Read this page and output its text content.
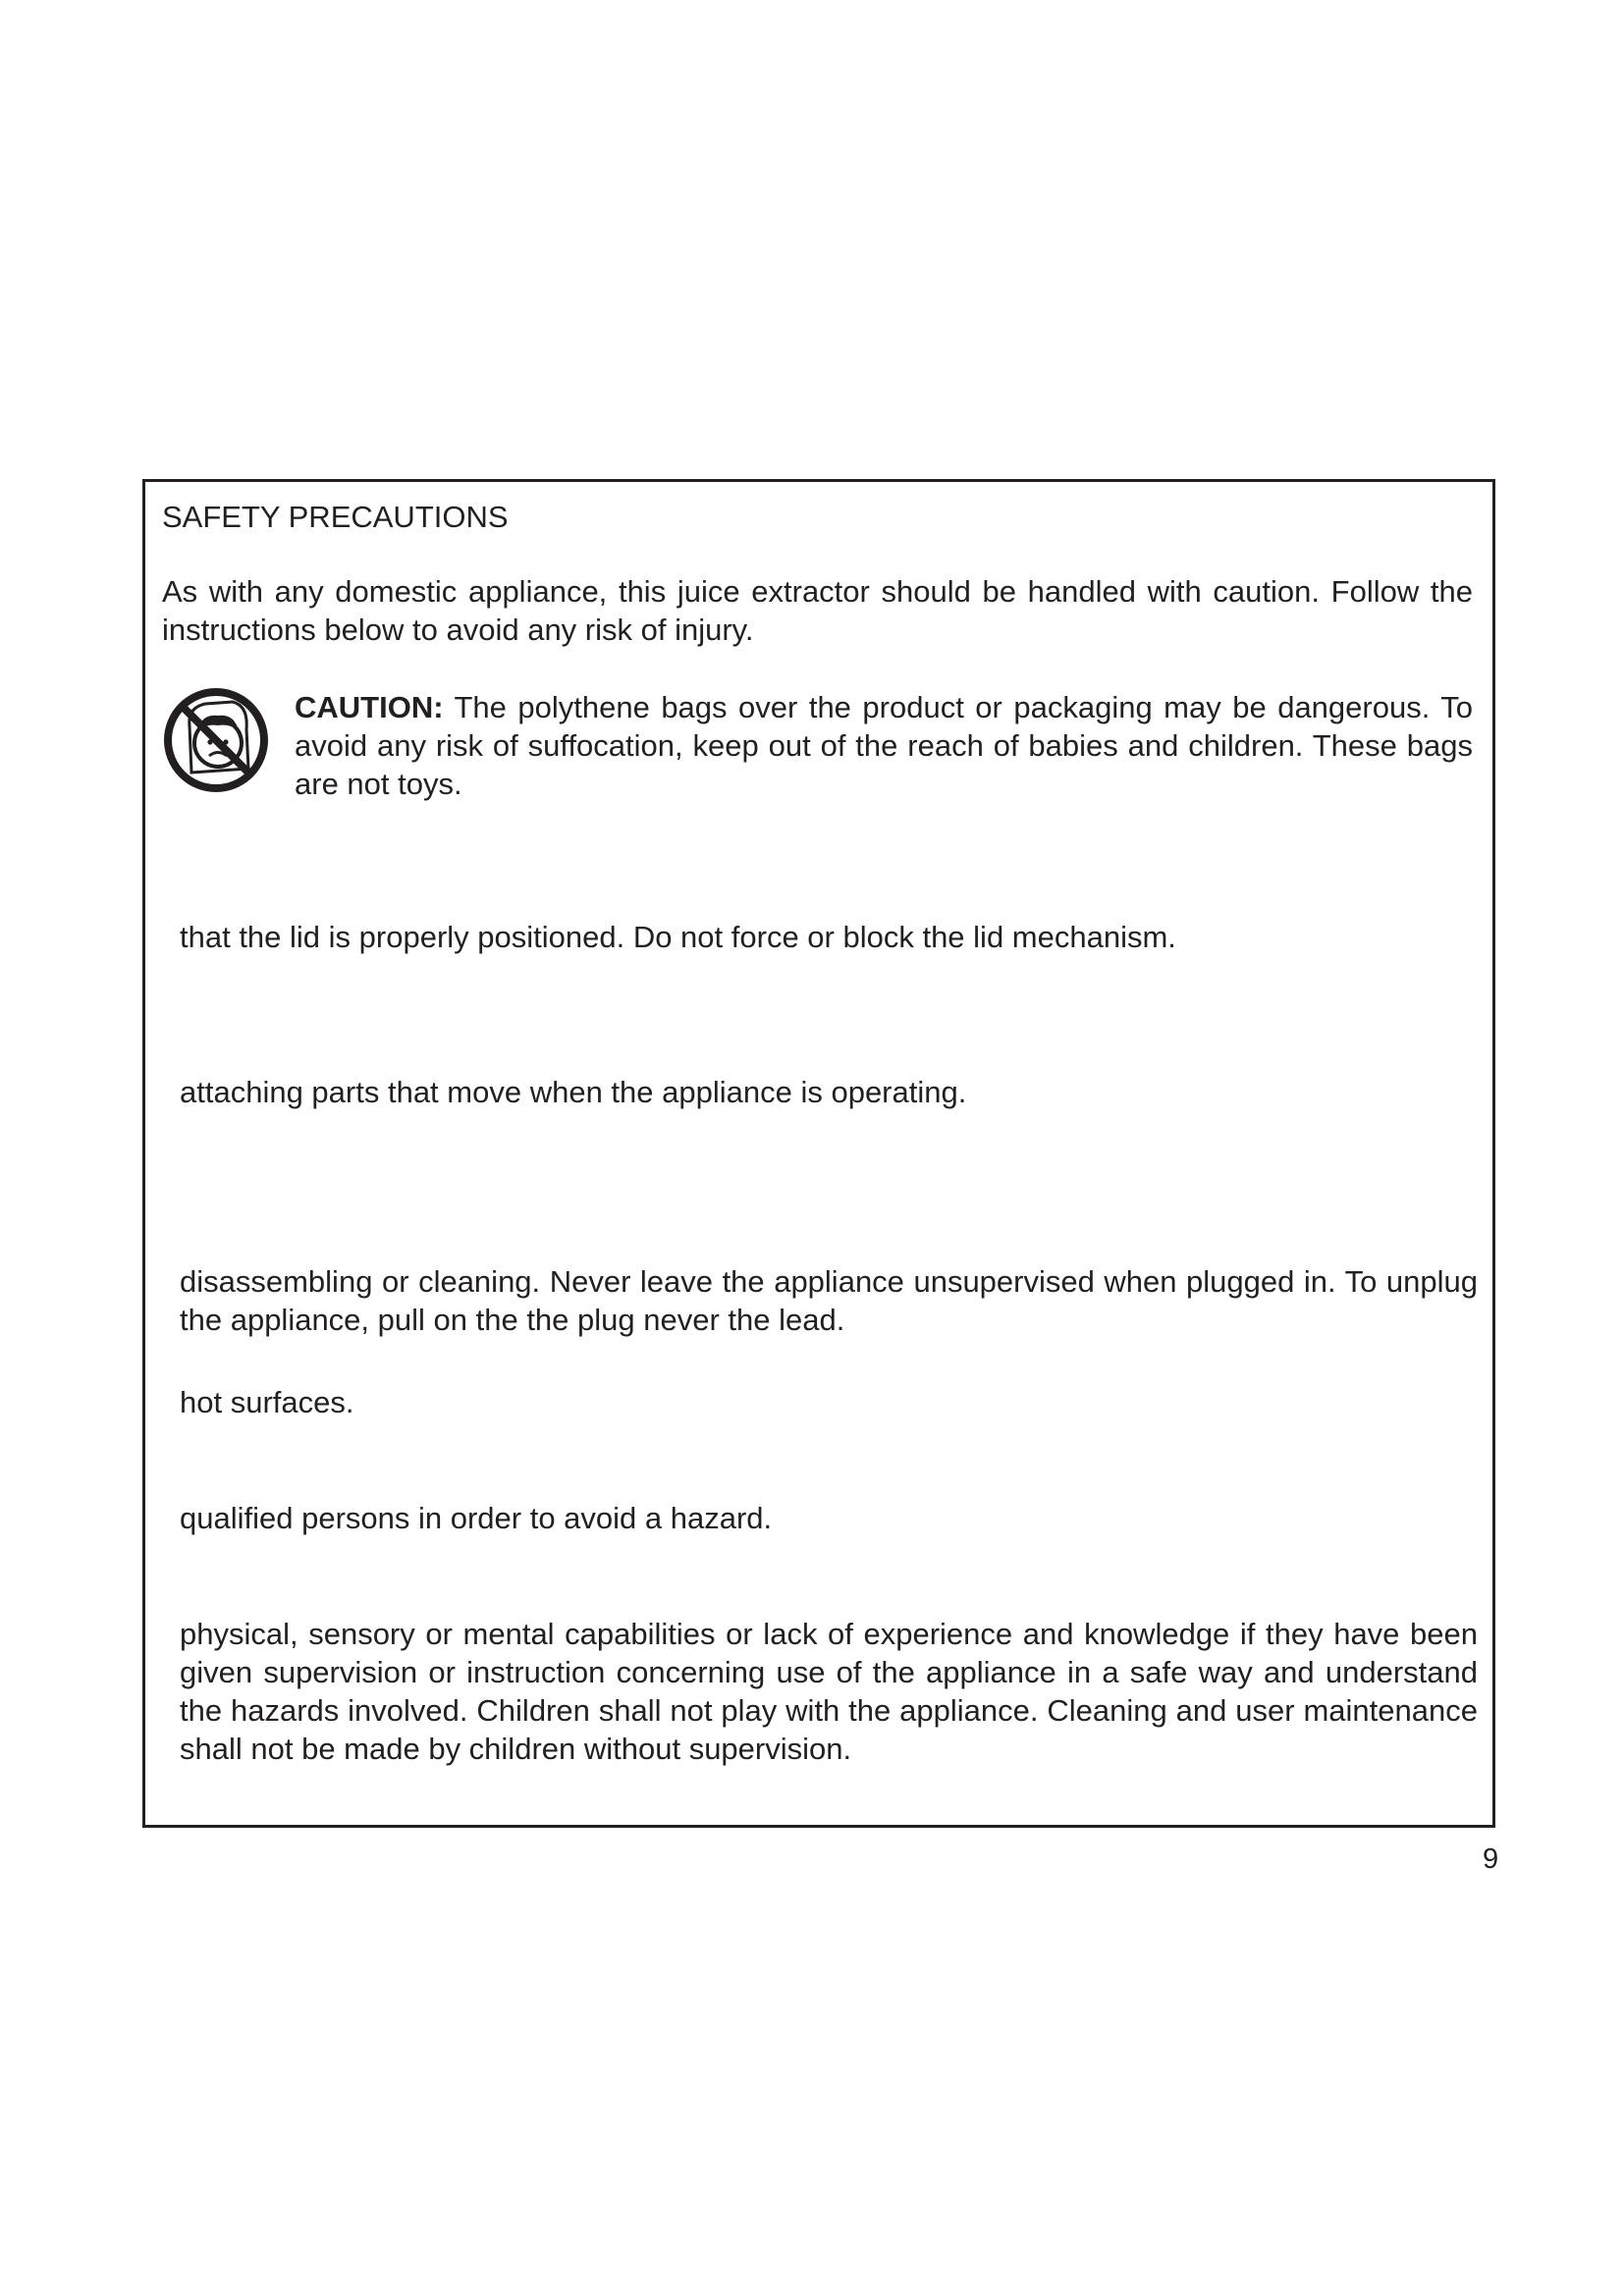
SAFETY PRECAUTIONS

As with any domestic appliance, this juice extractor should be handled with caution. Follow the instructions below to avoid any risk of injury.

CAUTION: The polythene bags over the product or packaging may be dangerous. To avoid any risk of suffocation, keep out of the reach of babies and children. These bags are not toys.

that the lid is properly positioned. Do not force or block the lid mechanism.

attaching parts that move when the appliance is operating.

disassembling or cleaning. Never leave the appliance unsupervised when plugged in. To unplug the appliance, pull on the the plug never the lead.

hot surfaces.

qualified persons in order to avoid a hazard.

physical, sensory or mental capabilities or lack of experience and knowledge if they have been given supervision or instruction concerning use of the appliance in a safe way and understand the hazards involved. Children shall not play with the appliance. Cleaning and user maintenance shall not be made by children without supervision.

9
